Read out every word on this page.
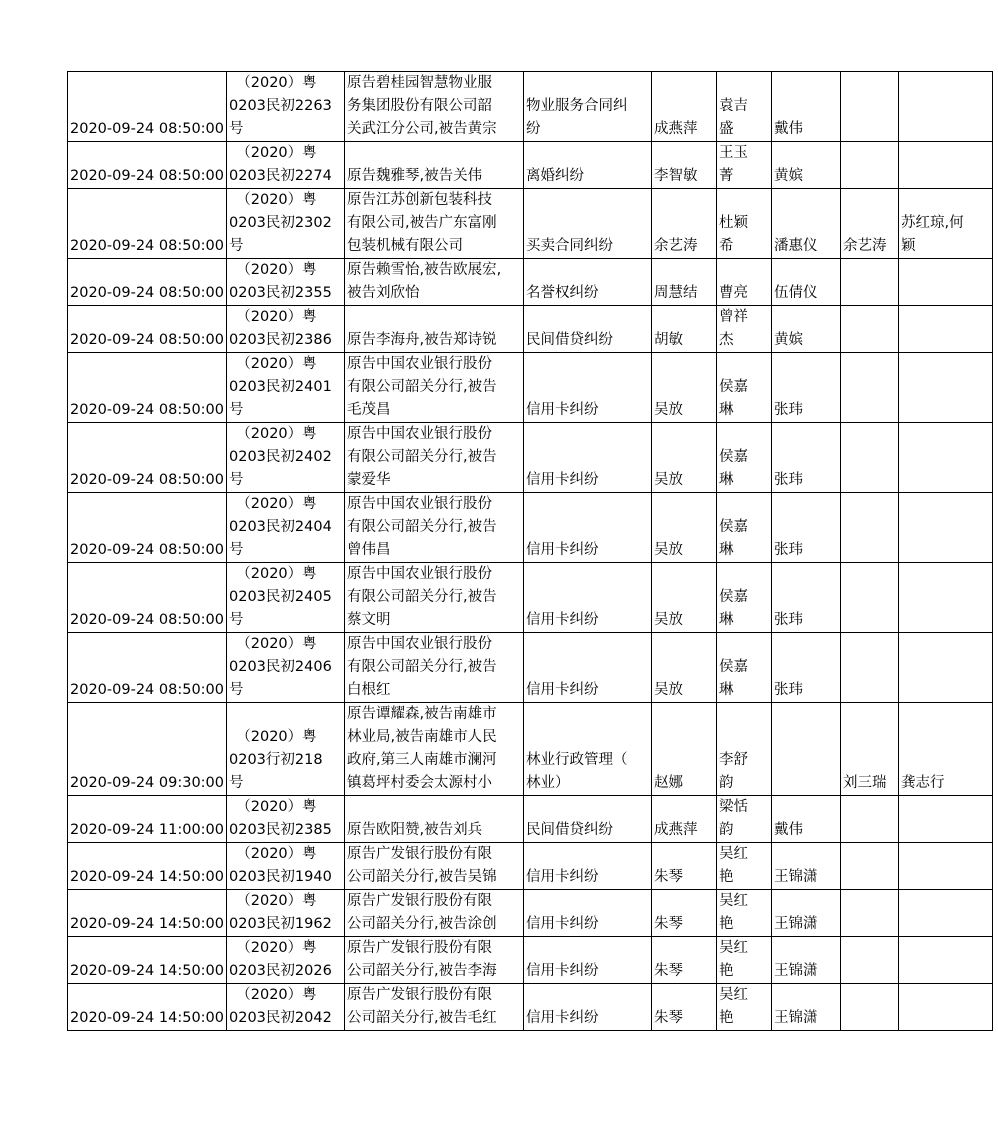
2020-09-24 08:50:00	　（2020）粤
0203民初2263
号	原告碧桂园智慧物业服
务集团股份有限公司韶
关武江分公司,被告黄宗	物业服务合同纠
纷	成燕萍	袁吉
盛	戴伟		
2020-09-24 08:50:00	　（2020）粤
0203民初2274	原告魏雅琴,被告关伟	离婚纠纷	李智敏	王玉
菁	黄嫔		
2020-09-24 08:50:00	　（2020）粤
0203民初2302
号	原告江苏创新包装科技
有限公司,被告广东富刚
包装机械有限公司	买卖合同纠纷	余艺涛	杜颖
希	潘惠仪	余艺涛	苏红琼,何
颖
2020-09-24 08:50:00	　（2020）粤
0203民初2355	原告赖雪怡,被告欧展宏,
被告刘欣怡	名誉权纠纷	周慧结	曹亮	伍倩仪		
2020-09-24 08:50:00	　（2020）粤
0203民初2386	原告李海舟,被告郑诗锐	民间借贷纠纷	胡敏	曾祥
杰	黄嫔		
2020-09-24 08:50:00	　（2020）粤
0203民初2401
号	原告中国农业银行股份
有限公司韶关分行,被告
毛茂昌	信用卡纠纷	吴放	侯嘉
琳	张玮		
2020-09-24 08:50:00	　（2020）粤
0203民初2402
号	原告中国农业银行股份
有限公司韶关分行,被告
蒙爱华	信用卡纠纷	吴放	侯嘉
琳	张玮		
2020-09-24 08:50:00	　（2020）粤
0203民初2404
号	原告中国农业银行股份
有限公司韶关分行,被告
曾伟昌	信用卡纠纷	吴放	侯嘉
琳	张玮		
2020-09-24 08:50:00	　（2020）粤
0203民初2405
号	原告中国农业银行股份
有限公司韶关分行,被告
蔡文明	信用卡纠纷	吴放	侯嘉
琳	张玮		
2020-09-24 08:50:00	　（2020）粤
0203民初2406
号	原告中国农业银行股份
有限公司韶关分行,被告
白根红	信用卡纠纷	吴放	侯嘉
琳	张玮		
2020-09-24 09:30:00	　（2020）粤
0203行初218
号	原告谭耀森,被告南雄市
林业局,被告南雄市人民
政府,第三人南雄市澜河
镇葛坪村委会太源村小	林业行政管理（
林业）	赵娜	李舒
韵		刘三瑞	龚志行
2020-09-24 11:00:00	　（2020）粤
0203民初2385	原告欧阳赞,被告刘兵	民间借贷纠纷	成燕萍	梁恬
韵	戴伟		
2020-09-24 14:50:00	　（2020）粤
0203民初1940	原告广发银行股份有限
公司韶关分行,被告吴锦	信用卡纠纷	朱琴	吴红
艳	王锦潇		
2020-09-24 14:50:00	　（2020）粤
0203民初1962	原告广发银行股份有限
公司韶关分行,被告涂创	信用卡纠纷	朱琴	吴红
艳	王锦潇		
2020-09-24 14:50:00	　（2020）粤
0203民初2026	原告广发银行股份有限
公司韶关分行,被告李海	信用卡纠纷	朱琴	吴红
艳	王锦潇		
2020-09-24 14:50:00	　（2020）粤
0203民初2042	原告广发银行股份有限
公司韶关分行,被告毛红	信用卡纠纷	朱琴	吴红
艳	王锦潇		
